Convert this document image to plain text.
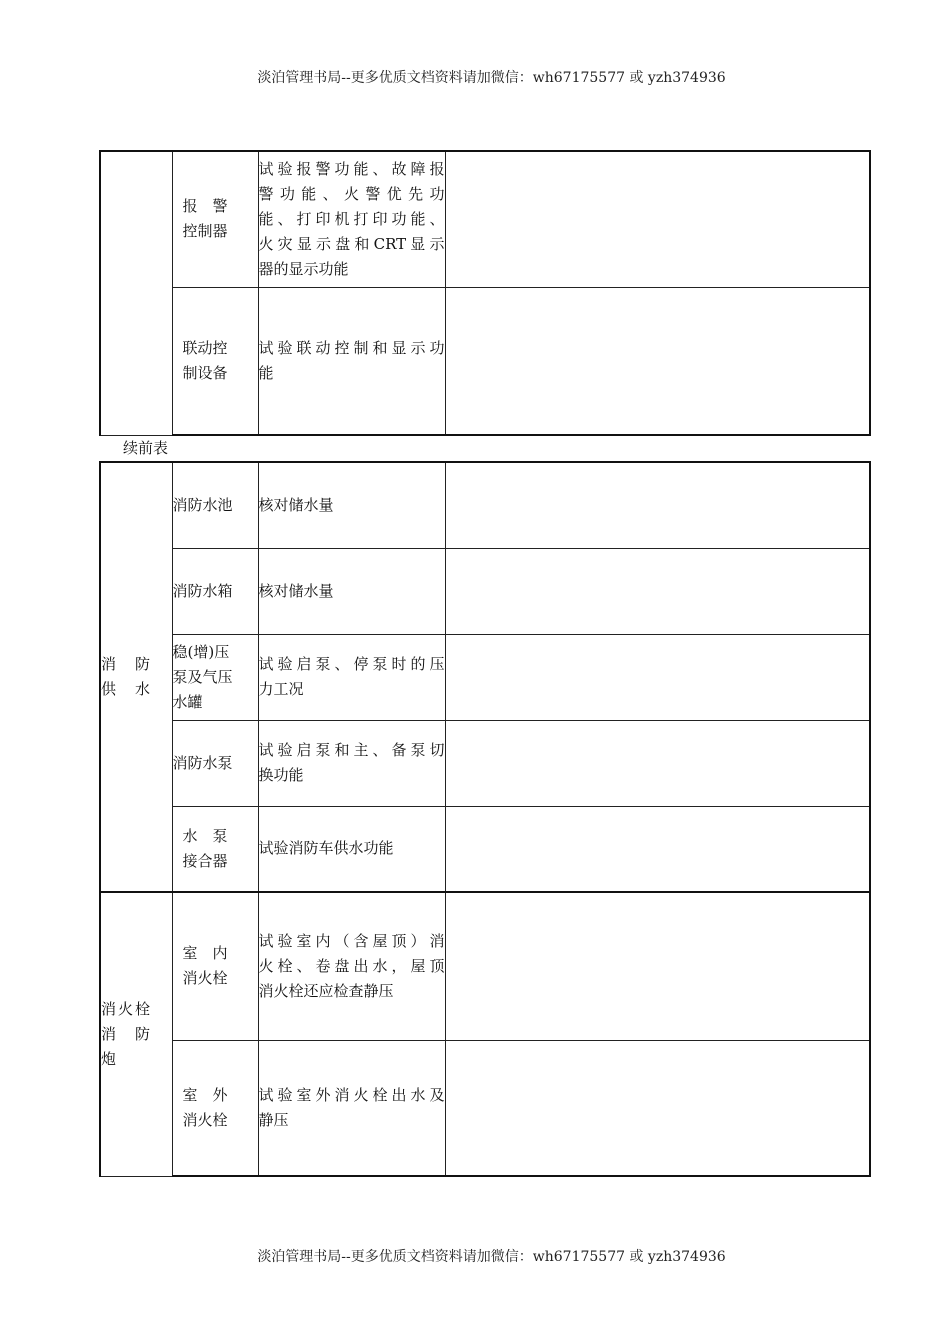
淡泊管理书局--更多优质文档资料请加微信：wh67175577 或 yzh374936

	报　警
控制器	试验报警功能、故障报
警功能、火警优先功
能、打印机打印功能、
火灾显示盘和CRT显示
器的显示功能	

	联动控
制设备	试验联动控制和显示功
能	

续前表
消　防
供　水	消防水池	核对储水量	

	消防水箱	核对储水量	

	稳(增)压
泵及气压
水罐	试验启泵、停泵时的压
力工况	

	消防水泵	试验启泵和主、备泵切
换功能	

	水　泵
接合器	试验消防车供水功能	

消火栓
消　防
炮	室　内
消火栓	试验室内（含屋顶）消
火栓、卷盘出水，屋顶
消火栓还应检查静压	

	室　外
消火栓	试验室外消火栓出水及
静压	

淡泊管理书局--更多优质文档资料请加微信：wh67175577 或 yzh374936
